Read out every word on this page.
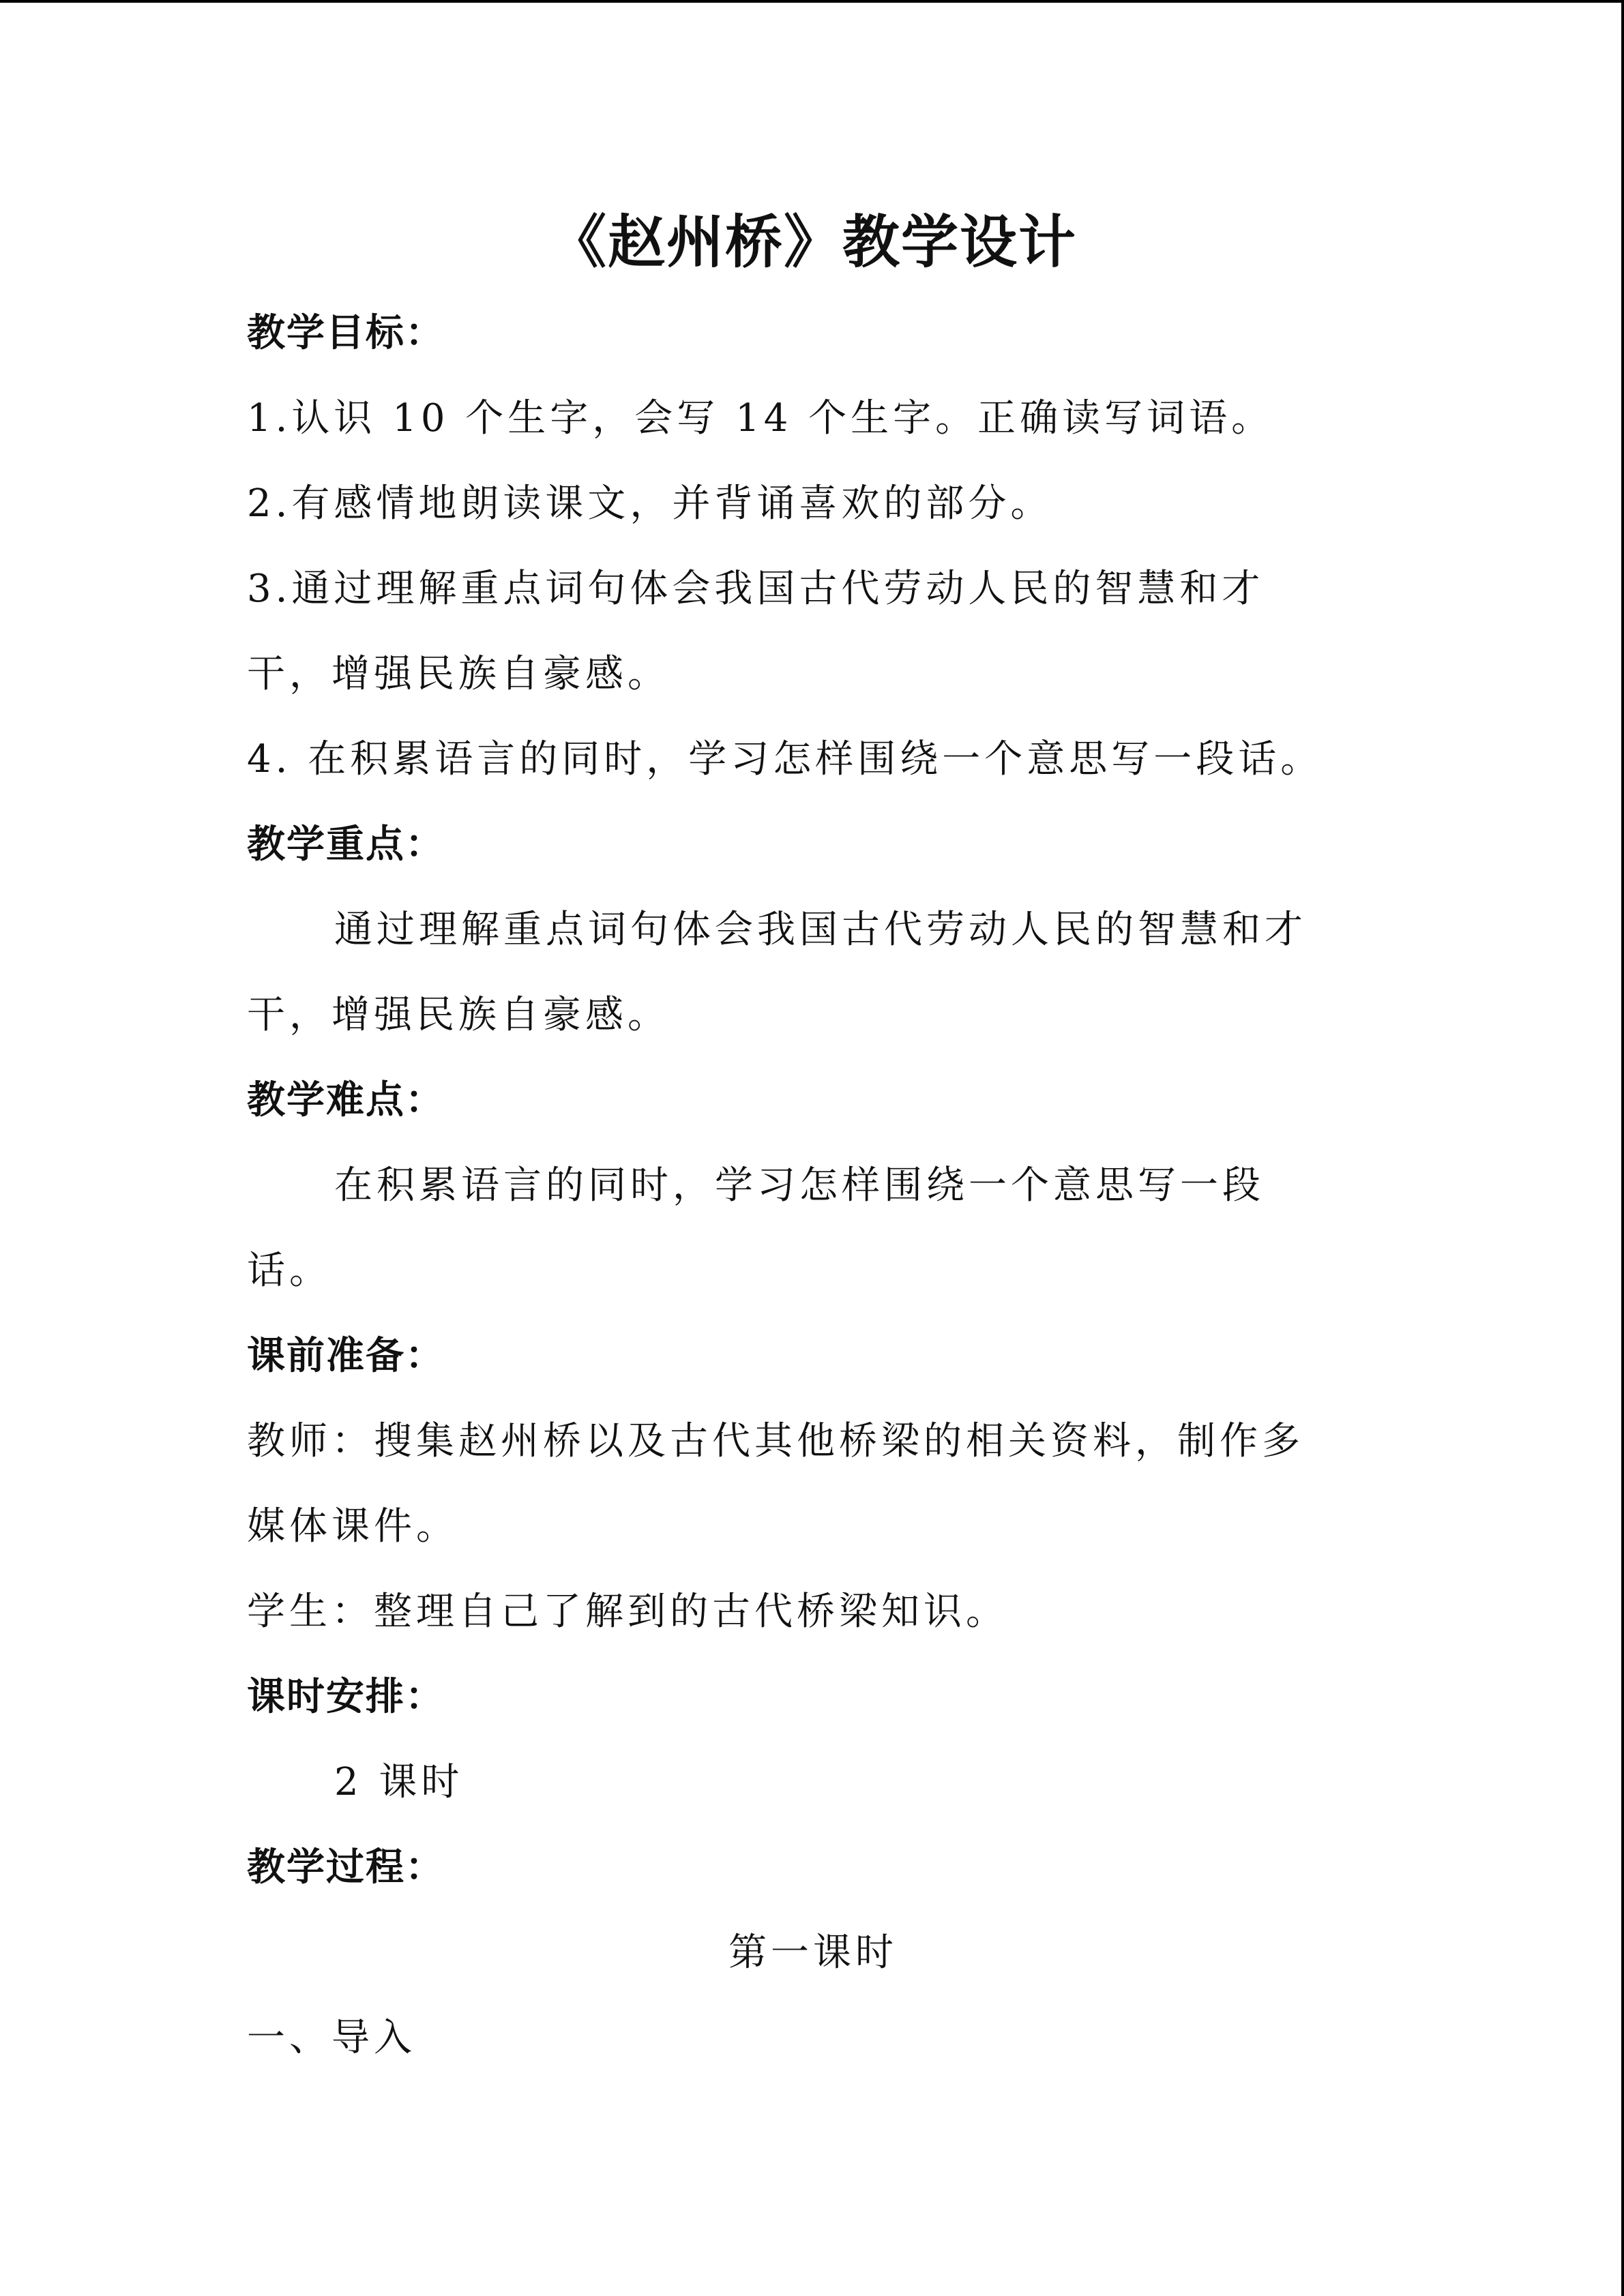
《赵州桥》教学设计
教学目标：
1.认识 10 个生字，会写 14 个生字。正确读写词语。
2.有感情地朗读课文，并背诵喜欢的部分。
3.通过理解重点词句体会我国古代劳动人民的智慧和才
干，增强民族自豪感。
4. 在积累语言的同时，学习怎样围绕一个意思写一段话。
教学重点：
通过理解重点词句体会我国古代劳动人民的智慧和才
干，增强民族自豪感。
教学难点：
在积累语言的同时，学习怎样围绕一个意思写一段
话。
课前准备：
教师：搜集赵州桥以及古代其他桥梁的相关资料，制作多
媒体课件。
学生：整理自己了解到的古代桥梁知识。
课时安排：
2 课时
教学过程：
第一课时
一、导入
